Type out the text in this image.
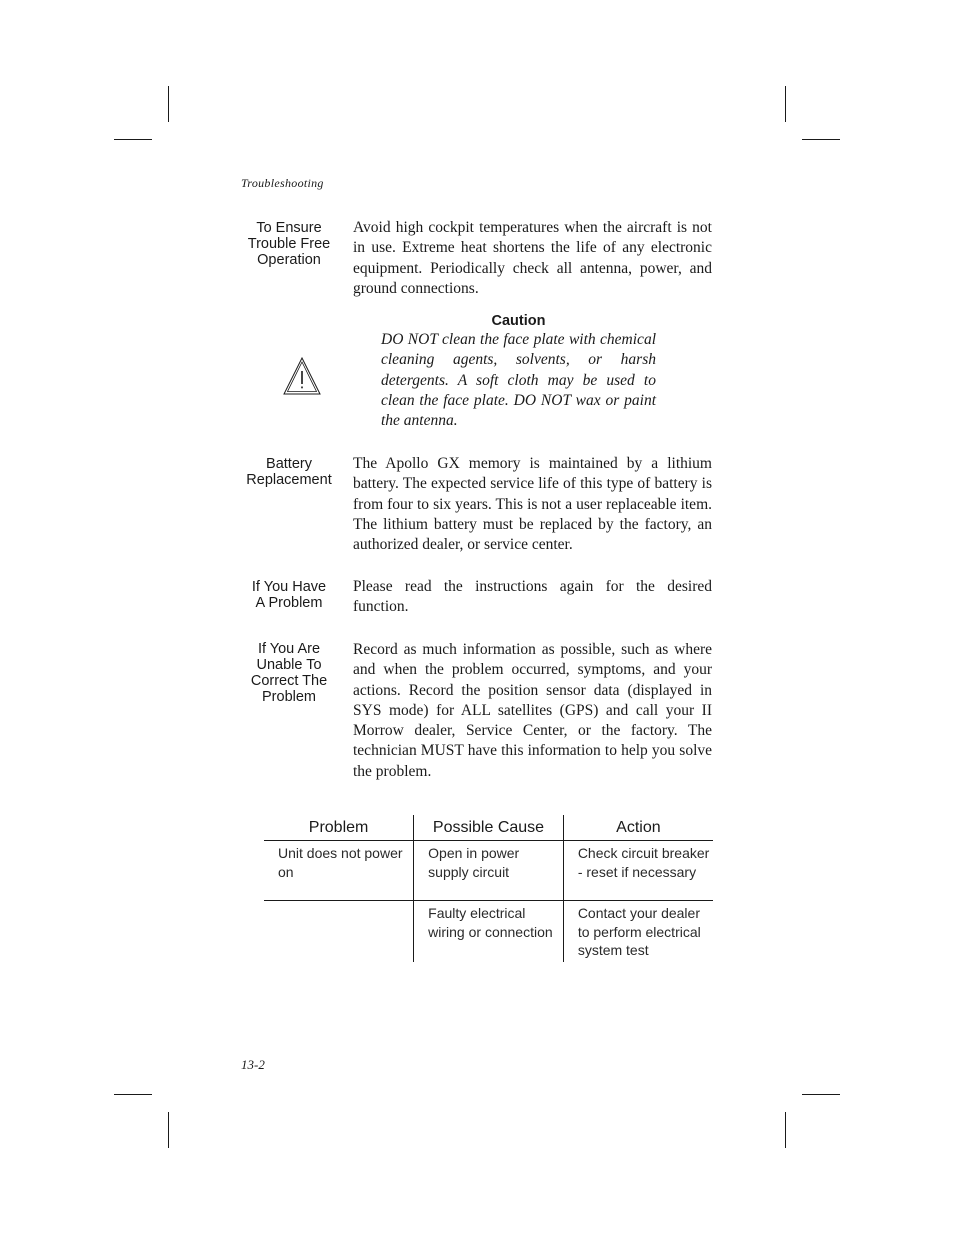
Troubleshooting
To Ensure
Trouble Free
Operation
Avoid high cockpit temperatures when the aircraft is not in use. Extreme heat shortens the life of any electronic equipment. Periodically check all antenna, power, and ground connections.
Caution
DO NOT clean the face plate with chemical cleaning agents, solvents, or harsh detergents. A soft cloth may be used to clean the face plate. DO NOT wax or paint the antenna.
Battery
Replacement
The Apollo GX memory is maintained by a lithium battery. The expected service life of this type of battery is from four to six years. This is not a user replaceable item. The lithium battery must be replaced by the factory, an authorized dealer, or service center.
If You Have
A Problem
Please read the instructions again for the desired function.
If You Are
Unable To
Correct The
Problem
Record as much information as possible, such as where and when the problem occurred, symptoms, and your actions. Record the position sensor data (displayed in SYS mode) for ALL satellites (GPS) and call your II Morrow dealer, Service Center, or the factory. The technician MUST have this information to help you solve the problem.
Problem	Possible Cause	Action
Unit does not power on	Open in power supply circuit	Check circuit breaker - reset if necessary
	Faulty electrical wiring or connection	Contact your dealer to perform electrical system test
13-2
